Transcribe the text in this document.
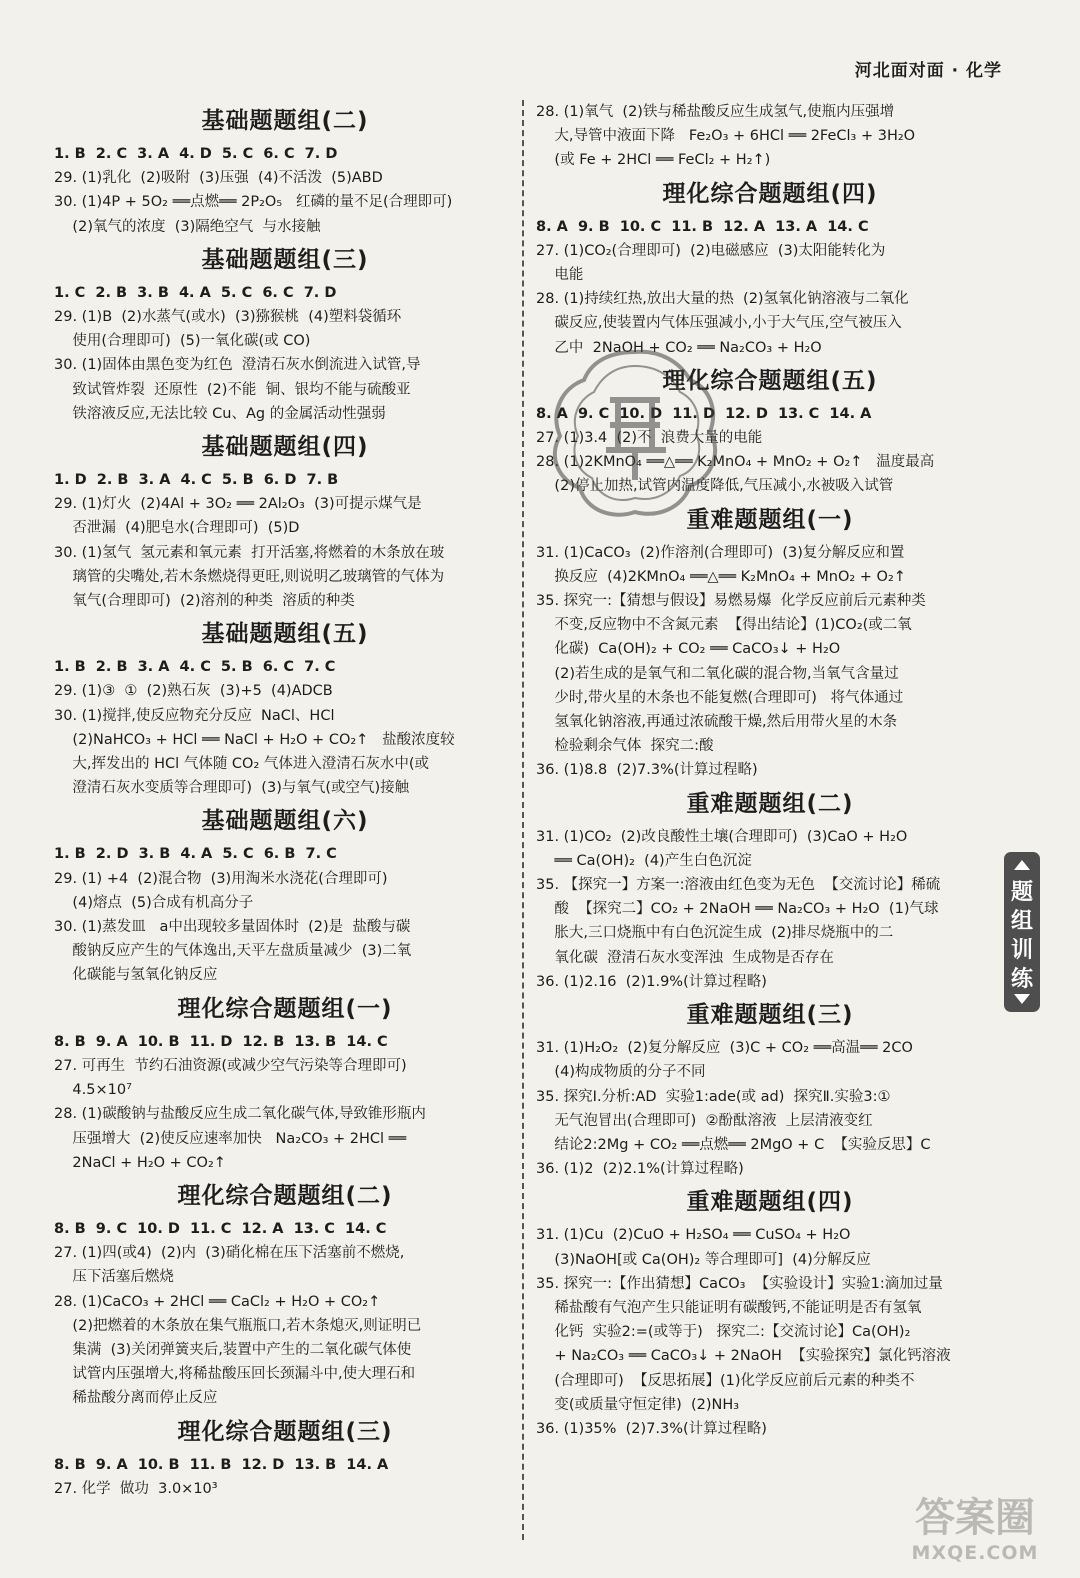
河北面对面 · 化学
基础题题组(二)
1. B  2. C  3. A  4. D  5. C  6. C  7. D
29. (1)乳化  (2)吸附  (3)压强  (4)不活泼  (5)ABD
30. (1)4P + 5O₂ ══点燃══ 2P₂O₅   红磷的量不足(合理即可)
(2)氧气的浓度  (3)隔绝空气  与水接触
基础题题组(三)
1. C  2. B  3. B  4. A  5. C  6. C  7. D
29. (1)B  (2)水蒸气(或水)  (3)猕猴桃  (4)塑料袋循环
使用(合理即可)  (5)一氧化碳(或 CO)
30. (1)固体由黑色变为红色  澄清石灰水倒流进入试管,导
致试管炸裂  还原性  (2)不能  铜、银均不能与硫酸亚
铁溶液反应,无法比较 Cu、Ag 的金属活动性强弱
基础题题组(四)
1. D  2. B  3. A  4. C  5. B  6. D  7. B
29. (1)灯火  (2)4Al + 3O₂ ══ 2Al₂O₃  (3)可提示煤气是
否泄漏  (4)肥皂水(合理即可)  (5)D
30. (1)氢气  氢元素和氧元素  打开活塞,将燃着的木条放在玻
璃管的尖嘴处,若木条燃烧得更旺,则说明乙玻璃管的气体为
氧气(合理即可)  (2)溶剂的种类  溶质的种类
基础题题组(五)
1. B  2. B  3. A  4. C  5. B  6. C  7. C
29. (1)③  ①  (2)熟石灰  (3)+5  (4)ADCB
30. (1)搅拌,使反应物充分反应  NaCl、HCl
(2)NaHCO₃ + HCl ══ NaCl + H₂O + CO₂↑   盐酸浓度较
大,挥发出的 HCl 气体随 CO₂ 气体进入澄清石灰水中(或
澄清石灰水变质等合理即可)  (3)与氧气(或空气)接触
基础题题组(六)
1. B  2. D  3. B  4. A  5. C  6. B  7. C
29. (1) +4  (2)混合物  (3)用淘米水浇花(合理即可)
(4)熔点  (5)合成有机高分子
30. (1)蒸发皿   a中出现较多量固体时  (2)是  盐酸与碳
酸钠反应产生的气体逸出,天平左盘质量减少  (3)二氧
化碳能与氢氧化钠反应
理化综合题题组(一)
8. B  9. A  10. B  11. D  12. B  13. B  14. C
27. 可再生  节约石油资源(或减少空气污染等合理即可)
4.5×10⁷
28. (1)碳酸钠与盐酸反应生成二氧化碳气体,导致锥形瓶内
压强增大  (2)使反应速率加快   Na₂CO₃ + 2HCl ══
2NaCl + H₂O + CO₂↑
理化综合题题组(二)
8. B  9. C  10. D  11. C  12. A  13. C  14. C
27. (1)四(或4)  (2)内  (3)硝化棉在压下活塞前不燃烧,
压下活塞后燃烧
28. (1)CaCO₃ + 2HCl ══ CaCl₂ + H₂O + CO₂↑
(2)把燃着的木条放在集气瓶瓶口,若木条熄灭,则证明已
集满  (3)关闭弹簧夹后,装置中产生的二氧化碳气体使
试管内压强增大,将稀盐酸压回长颈漏斗中,使大理石和
稀盐酸分离而停止反应
理化综合题题组(三)
8. B  9. A  10. B  11. B  12. D  13. B  14. A
27. 化学  做功  3.0×10³
28. (1)氧气  (2)铁与稀盐酸反应生成氢气,使瓶内压强增
大,导管中液面下降   Fe₂O₃ + 6HCl ══ 2FeCl₃ + 3H₂O
(或 Fe + 2HCl ══ FeCl₂ + H₂↑)
理化综合题题组(四)
8. A  9. B  10. C  11. B  12. A  13. A  14. C
27. (1)CO₂(合理即可)  (2)电磁感应  (3)太阳能转化为
电能
28. (1)持续红热,放出大量的热  (2)氢氧化钠溶液与二氧化
碳反应,使装置内气体压强减小,小于大气压,空气被压入
乙中  2NaOH + CO₂ ══ Na₂CO₃ + H₂O
理化综合题题组(五)
8. A  9. C  10. D  11. D  12. D  13. C  14. A
27. (1)3.4  (2)不  浪费大量的电能
28. (1)2KMnO₄ ══△══ K₂MnO₄ + MnO₂ + O₂↑   温度最高
(2)停止加热,试管内温度降低,气压减小,水被吸入试管
重难题题组(一)
31. (1)CaCO₃  (2)作溶剂(合理即可)  (3)复分解反应和置
换反应  (4)2KMnO₄ ══△══ K₂MnO₄ + MnO₂ + O₂↑
35. 探究一:【猜想与假设】易燃易爆  化学反应前后元素种类
不变,反应物中不含氮元素  【得出结论】(1)CO₂(或二氧
化碳)  Ca(OH)₂ + CO₂ ══ CaCO₃↓ + H₂O
(2)若生成的是氧气和二氧化碳的混合物,当氧气含量过
少时,带火星的木条也不能复燃(合理即可)   将气体通过
氢氧化钠溶液,再通过浓硫酸干燥,然后用带火星的木条
检验剩余气体  探究二:酸
36. (1)8.8  (2)7.3%(计算过程略)
重难题题组(二)
31. (1)CO₂  (2)改良酸性土壤(合理即可)  (3)CaO + H₂O
══ Ca(OH)₂  (4)产生白色沉淀
35. 【探究一】方案一:溶液由红色变为无色  【交流讨论】稀硫
酸  【探究二】CO₂ + 2NaOH ══ Na₂CO₃ + H₂O  (1)气球
胀大,三口烧瓶中有白色沉淀生成  (2)排尽烧瓶中的二
氧化碳  澄清石灰水变浑浊  生成物是否存在
36. (1)2.16  (2)1.9%(计算过程略)
重难题题组(三)
31. (1)H₂O₂  (2)复分解反应  (3)C + CO₂ ══高温══ 2CO
(4)构成物质的分子不同
35. 探究Ⅰ.分析:AD  实验1:ade(或 ad)  探究Ⅱ.实验3:①
无气泡冒出(合理即可)  ②酚酞溶液  上层清液变红
结论2:2Mg + CO₂ ══点燃══ 2MgO + C  【实验反思】C
36. (1)2  (2)2.1%(计算过程略)
重难题题组(四)
31. (1)Cu  (2)CuO + H₂SO₄ ══ CuSO₄ + H₂O
(3)NaOH[或 Ca(OH)₂ 等合理即可]  (4)分解反应
35. 探究一:【作出猜想】CaCO₃  【实验设计】实验1:滴加过量
稀盐酸有气泡产生只能证明有碳酸钙,不能证明是否有氢氧
化钙  实验2:=(或等于)   探究二:【交流讨论】Ca(OH)₂
+ Na₂CO₃ ══ CaCO₃↓ + 2NaOH  【实验探究】氯化钙溶液
(合理即可)  【反思拓展】(1)化学反应前后元素的种类不
变(或质量守恒定律)  (2)NH₃
36. (1)35%  (2)7.3%(计算过程略)
题
组
训
练
答案圈
MXQE.COM
